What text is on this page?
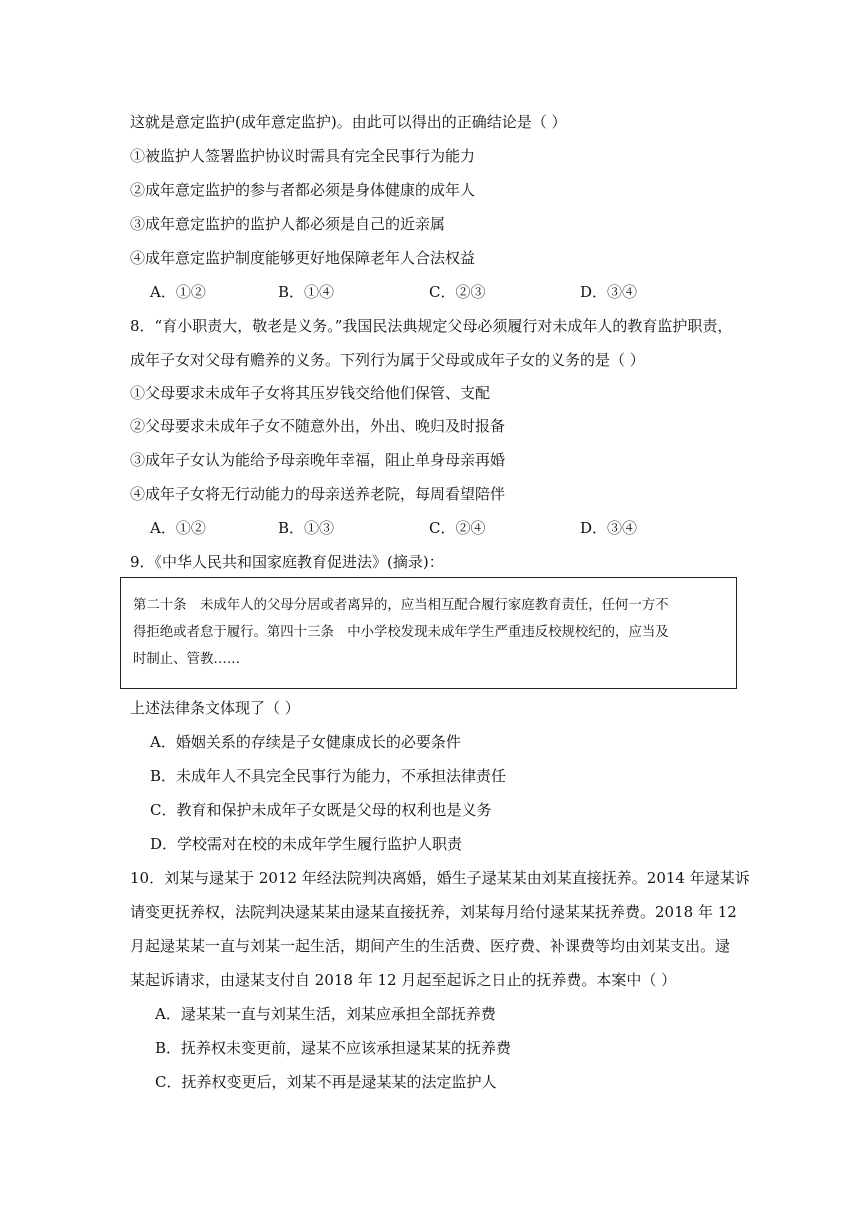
这就是意定监护(成年意定监护)。由此可以得出的正确结论是（ ）
①被监护人签署监护协议时需具有完全民事行为能力
②成年意定监护的参与者都必须是身体健康的成年人
③成年意定监护的监护人都必须是自己的近亲属
④成年意定监护制度能够更好地保障老年人合法权益
A．①②	B．①④	C．②③	D．③④
8．“育小职责大，敬老是义务。”我国民法典规定父母必须履行对未成年人的教育监护职责，
成年子女对父母有赡养的义务。下列行为属于父母或成年子女的义务的是（ ）
①父母要求未成年子女将其压岁钱交给他们保管、支配
②父母要求未成年子女不随意外出，外出、晚归及时报备
③成年子女认为能给予母亲晚年幸福，阻止单身母亲再婚
④成年子女将无行动能力的母亲送养老院，每周看望陪伴
A．①②	B．①③	C．②④	D．③④
9．《中华人民共和国家庭教育促进法》(摘录)：
第二十条　未成年人的父母分居或者离异的，应当相互配合履行家庭教育责任，任何一方不
得拒绝或者怠于履行。第四十三条　中小学校发现未成年学生严重违反校规校纪的，应当及
时制止、管教……
上述法律条文体现了（ ）
A．婚姻关系的存续是子女健康成长的必要条件
B．未成年人不具完全民事行为能力，不承担法律责任
C．教育和保护未成年子女既是父母的权利也是义务
D．学校需对在校的未成年学生履行监护人职责
10．刘某与逯某于 2012 年经法院判决离婚，婚生子逯某某由刘某直接抚养。2014 年逯某诉
请变更抚养权，法院判决逯某某由逯某直接抚养，刘某每月给付逯某某抚养费。2018 年 12
月起逯某某一直与刘某一起生活，期间产生的生活费、医疗费、补课费等均由刘某支出。逯
某起诉请求，由逯某支付自 2018 年 12 月起至起诉之日止的抚养费。本案中（ ）
A．逯某某一直与刘某生活，刘某应承担全部抚养费
B．抚养权未变更前，逯某不应该承担逯某某的抚养费
C．抚养权变更后，刘某不再是逯某某的法定监护人
